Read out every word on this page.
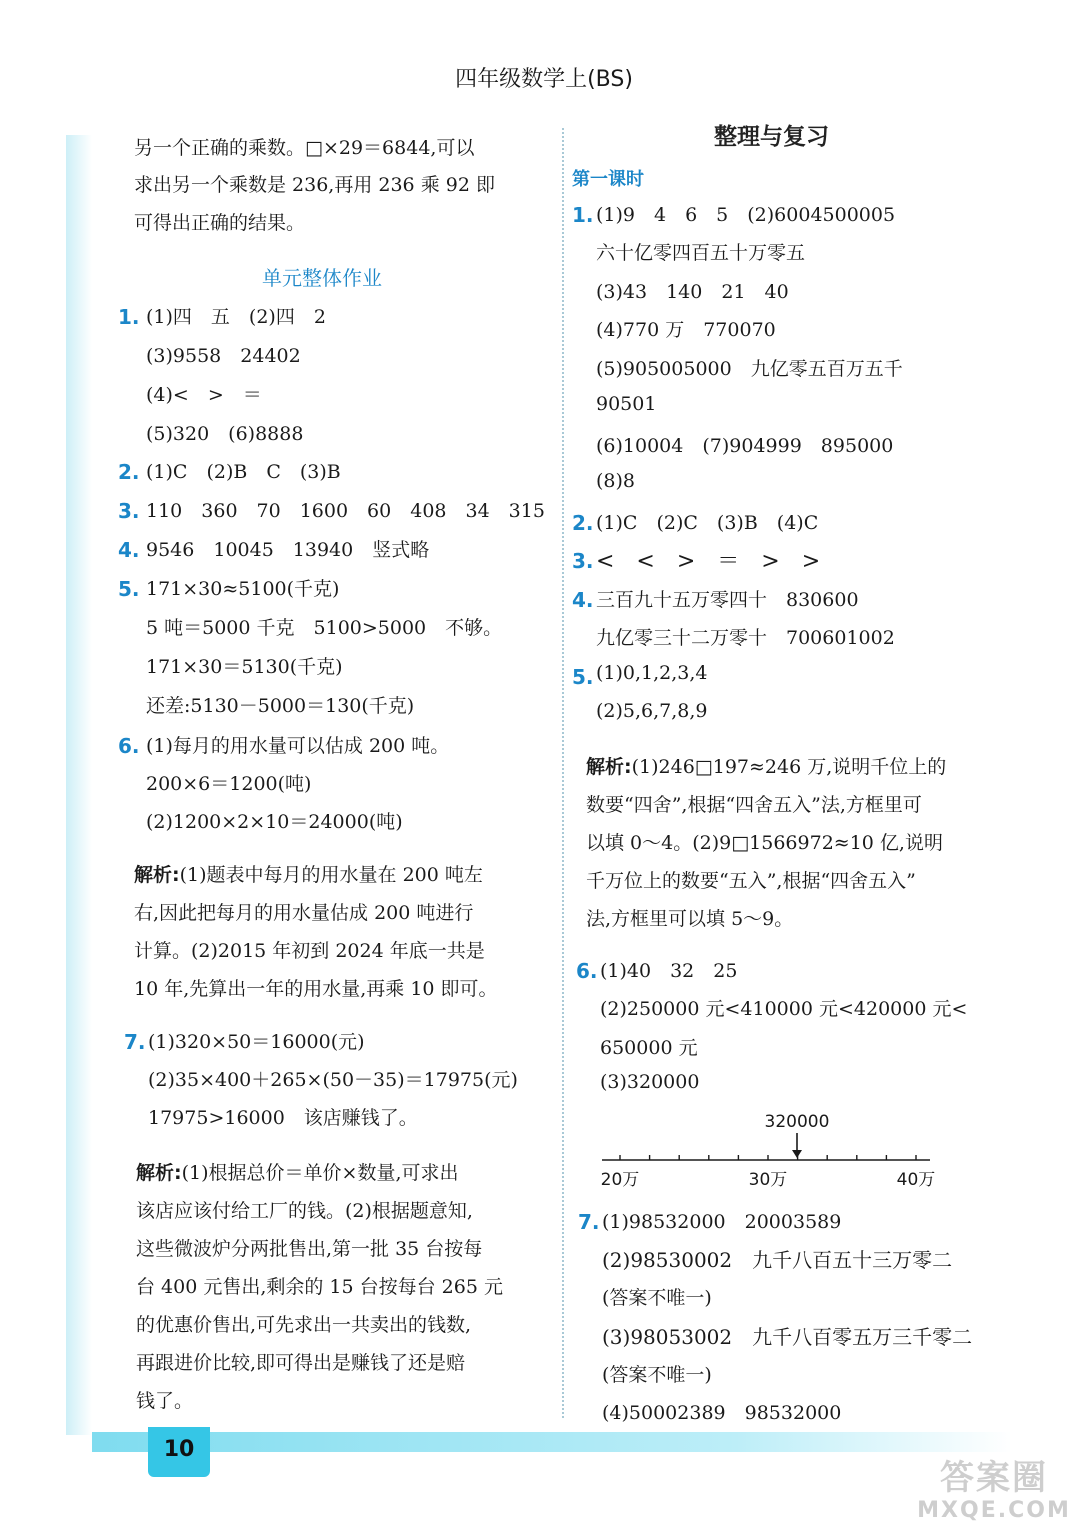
四年级数学上(BS)
另一个正确的乘数。□×29＝6844,可以
求出另一个乘数是 236,再用 236 乘 92 即
可得出正确的结果。
单元整体作业
1. (1)四　五　(2)四　2
(3)9558　24402
(4)<　>　＝
(5)320　(6)8888
2. (1)C　(2)B　C　(3)B
3. 110　360　70　1600　60　408　34　315
4. 9546　10045　13940　竖式略
5. 171×30≈5100(千克)
5 吨＝5000 千克　5100>5000　不够。
171×30＝5130(千克)
还差:5130－5000＝130(千克)
6. (1)每月的用水量可以估成 200 吨。
200×6＝1200(吨)
(2)1200×2×10＝24000(吨)
解析:(1)题表中每月的用水量在 200 吨左
右,因此把每月的用水量估成 200 吨进行
计算。(2)2015 年初到 2024 年底一共是
10 年,先算出一年的用水量,再乘 10 即可。
7. (1)320×50＝16000(元)
(2)35×400＋265×(50－35)＝17975(元)
17975>16000　该店赚钱了。
解析:(1)根据总价＝单价×数量,可求出
该店应该付给工厂的钱。(2)根据题意知,
这些微波炉分两批售出,第一批 35 台按每
台 400 元售出,剩余的 15 台按每台 265 元
的优惠价售出,可先求出一共卖出的钱数,
再跟进价比较,即可得出是赚钱了还是赔
钱了。
整理与复习
第一课时
1. (1)9　4　6　5　(2)6004500005
六十亿零四百五十万零五
(3)43　140　21　40
(4)770 万　770070
(5)905005000　九亿零五百万五千
90501
(6)10004　(7)904999　895000
(8)8
2. (1)C　(2)C　(3)B　(4)C
3. <　<　>　＝　>　>
4. 三百九十五万零四十　830600
九亿零三十二万零十　700601002
5. (1)0,1,2,3,4
(2)5,6,7,8,9
解析:(1)246□197≈246 万,说明千位上的
数要“四舍”,根据“四舍五入”法,方框里可
以填 0～4。(2)9□1566972≈10 亿,说明
千万位上的数要“五入”,根据“四舍五入”
法,方框里可以填 5～9。
6. (1)40　32　25
(2)250000 元<410000 元<420000 元<
650000 元
(3)320000
320000
20万	30万	40万
7. (1)98532000　20003589
(2)98530002　九千八百五十三万零二
(答案不唯一)
(3)98053002　九千八百零五万三千零二
(答案不唯一)
(4)50002389　98532000
10
答案圈
MXQE.COM
